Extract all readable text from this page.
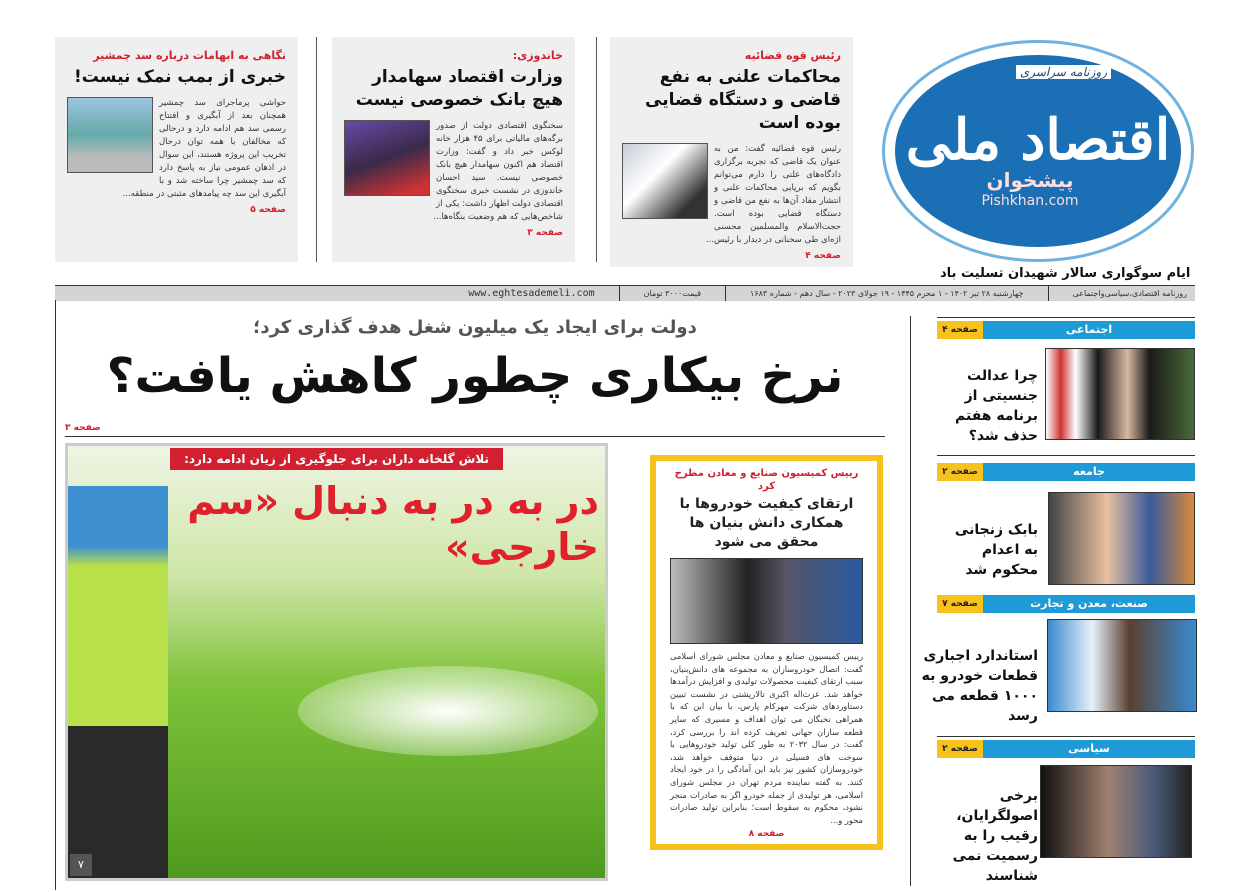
رئیس قوه قضائیه
محاکمات علنی به نفع قاضی و دستگاه قضایی بوده است
رئیس قوه قضائیه گفت: من به عنوان یک قاضی که تجربه برگزاری دادگاه‌های علنی را دارم می‌توانم بگویم که برپایی محاکمات علنی و انتشار مفاد آن‌ها به نفع من قاضی و دستگاه قضایی بوده است. حجت‌الاسلام والمسلمین محسنی اژه‌ای طی سخنانی در دیدار با رئیس...
صفحه ۴
خاندوزی:
وزارت اقتصاد سهامدار هیچ بانک خصوصی نیست
سخنگوی اقتصادی دولت از صدور برگه‌های مالیاتی برای ۴۵ هزار خانه لوکس خبر داد و گفت: وزارت اقتصاد هم اکنون سهامدار هیچ بانک خصوصی نیست. سید احسان خاندوزی در نشست خبری سخنگوی اقتصادی دولت اظهار داشت: یکی از شاخص‌هایی که هم وضعیت بنگاه‌ها...
صفحه ۳
نگاهی به ابهامات درباره سد چمشیر
خبری از بمب نمک نیست!
حواشی پرماجرای سد چمشیر همچنان بعد از آبگیری و افتتاح رسمی سد هم ادامه دارد و درحالی که مخالفان با همه توان درحال تخریب این پروژه هستند، این سوال در اذهان عمومی نیاز به پاسخ دارد که سد چمشیر چرا ساخته شد و با آبگیری این سد چه پیامدهای مثبتی در منطقه...
صفحه ۵
روزنامه سراسری
اقتصاد ملی
پیشخوان
Pishkhan.com
ایام سوگواری سالار شهیدان تسلیت باد
روزنامه اقتصادی،سیاسی‌واجتماعی
چهارشنبه ۲۸ تیر ۱۴۰۲ - ۱ محرم ۱۴۴۵ - ۱۹ جولای ۲۰۲۳ - سال دهم - شماره ۱۶۸۳
قیمت۳۰۰۰ تومان
www.eghtesademeli.com
دولت برای ایجاد یک میلیون شغل هدف گذاری کرد؛
نرخ بیکاری چطور کاهش یافت؟
صفحه ۳
تلاش گلخانه داران برای جلوگیری از زیان ادامه دارد:
در به در به دنبال «سم خارجی»
۷
رییس کمیسیون صنایع و معادن مطرح کرد
ارتقای کیفیت خودروها با همکاری دانش بنیان ها محقق می شود
رییس کمیسیون صنایع و معادن مجلس شورای اسلامی گفت: اتصال خودروسازان به مجموعه های دانش‌بنیان، سبب ارتقای کیفیت محصولات تولیدی و افزایش درآمدها خواهد شد. عزت‌اله اکبری تالارپشتی در نشست تبیین دستاوردهای شرکت مهرکام پارس، با بیان این که با همراهی نخبگان می توان اهداف و مسیری که سایر قطعه سازان جهانی تعریف کرده اند را بررسی کرد، گفت: در سال ۲۰۳۲ به طور کلی تولید خودروهایی با سوخت های فسیلی در دنیا متوقف خواهد شد، خودروسازان کشور نیز باید این آمادگی را در خود ایجاد کنند. به گفته نماینده مردم تهران در مجلس شورای اسلامی، هر تولیدی از جمله خودرو اگر به صادرات منجر نشود، محکوم به سقوط است؛ بنابراین تولید صادرات محور و...
صفحه ۸
اجتماعی
صفحه ۴
چرا عدالت جنسیتی از برنامه هفتم حذف شد؟
جامعه
صفحه ۲
بابک زنجانی به اعدام محکوم شد
صنعت، معدن و تجارت
صفحه ۷
استاندارد اجباری قطعات خودرو به ۱۰۰۰ قطعه می رسد
سیاسی
صفحه ۲
برخی اصولگرایان، رقیب را به رسمیت نمی شناسند
